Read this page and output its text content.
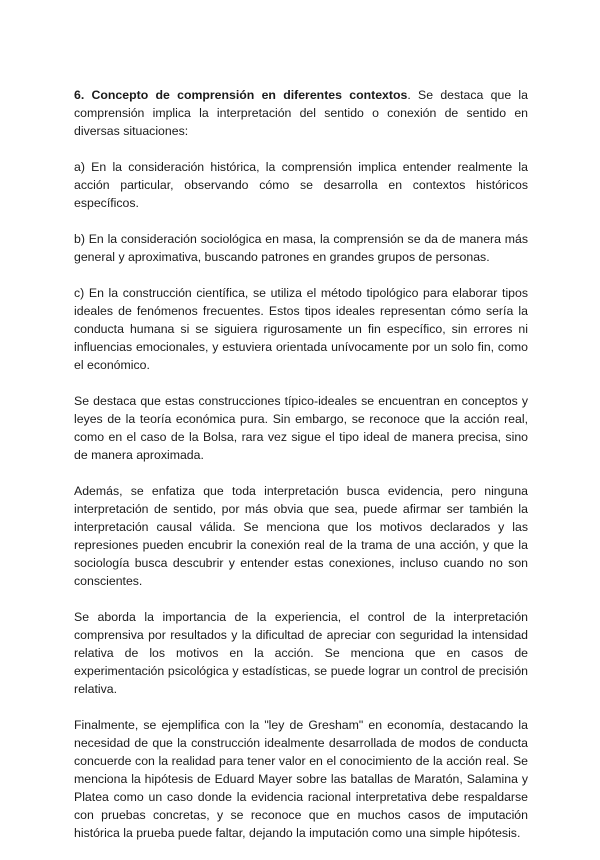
6. Concepto de comprensión en diferentes contextos. Se destaca que la comprensión implica la interpretación del sentido o conexión de sentido en diversas situaciones:

a) En la consideración histórica, la comprensión implica entender realmente la acción particular, observando cómo se desarrolla en contextos históricos específicos.

b) En la consideración sociológica en masa, la comprensión se da de manera más general y aproximativa, buscando patrones en grandes grupos de personas.

c) En la construcción científica, se utiliza el método tipológico para elaborar tipos ideales de fenómenos frecuentes. Estos tipos ideales representan cómo sería la conducta humana si se siguiera rigurosamente un fin específico, sin errores ni influencias emocionales, y estuviera orientada unívocamente por un solo fin, como el económico.

Se destaca que estas construcciones típico-ideales se encuentran en conceptos y leyes de la teoría económica pura. Sin embargo, se reconoce que la acción real, como en el caso de la Bolsa, rara vez sigue el tipo ideal de manera precisa, sino de manera aproximada.

Además, se enfatiza que toda interpretación busca evidencia, pero ninguna interpretación de sentido, por más obvia que sea, puede afirmar ser también la interpretación causal válida. Se menciona que los motivos declarados y las represiones pueden encubrir la conexión real de la trama de una acción, y que la sociología busca descubrir y entender estas conexiones, incluso cuando no son conscientes.

Se aborda la importancia de la experiencia, el control de la interpretación comprensiva por resultados y la dificultad de apreciar con seguridad la intensidad relativa de los motivos en la acción. Se menciona que en casos de experimentación psicológica y estadísticas, se puede lograr un control de precisión relativa.

Finalmente, se ejemplifica con la "ley de Gresham" en economía, destacando la necesidad de que la construcción idealmente desarrollada de modos de conducta concuerde con la realidad para tener valor en el conocimiento de la acción real. Se menciona la hipótesis de Eduard Mayer sobre las batallas de Maratón, Salamina y Platea como un caso donde la evidencia racional interpretativa debe respaldarse con pruebas concretas, y se reconoce que en muchos casos de imputación histórica la prueba puede faltar, dejando la imputación como una simple hipótesis.
